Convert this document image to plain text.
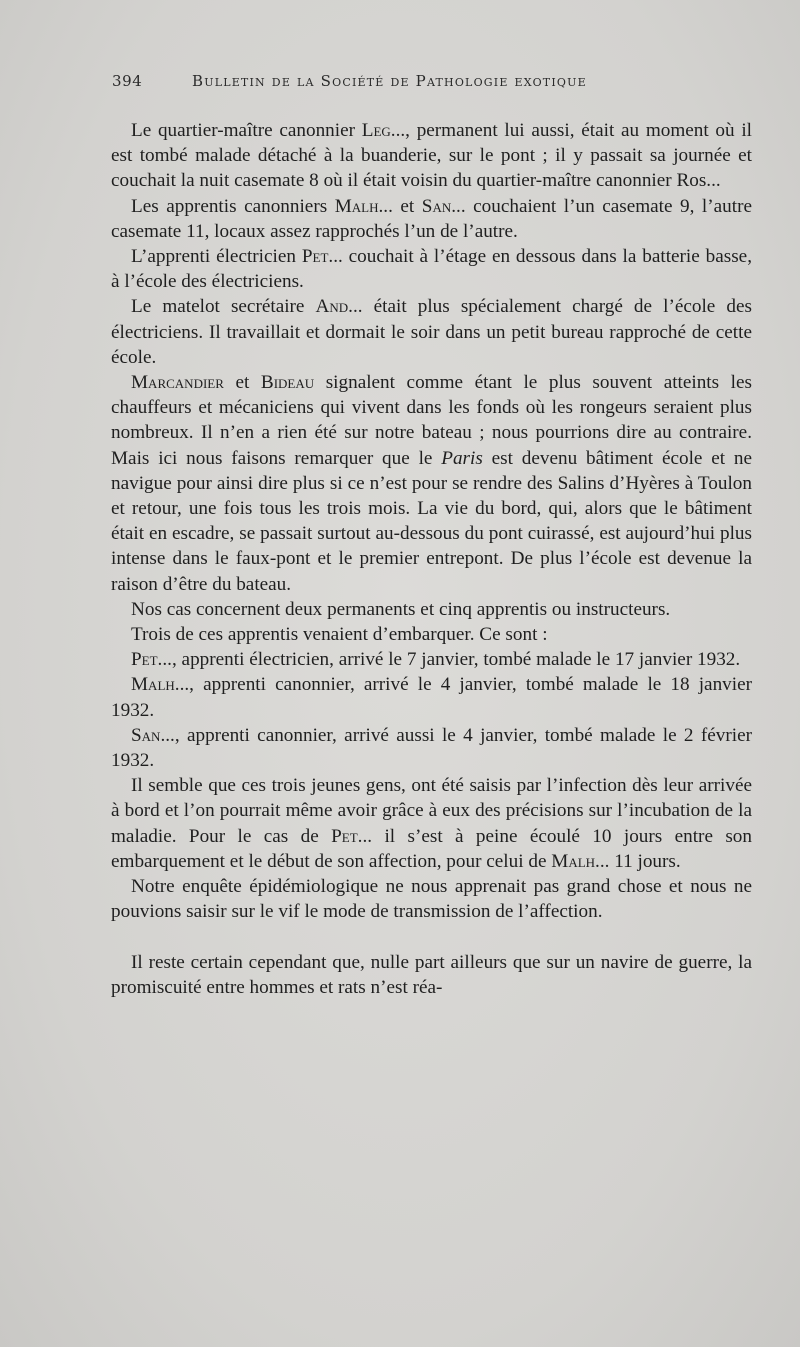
394	Bulletin de la Société de Pathologie exotique

Le quartier-maître canonnier Leg..., permanent lui aussi, était au moment où il est tombé malade détaché à la buanderie, sur le pont ; il y passait sa journée et couchait la nuit casemate 8 où il était voisin du quartier-maître canonnier Ros...

Les apprentis canonniers Malh... et San... couchaient l’un casemate 9, l’autre casemate 11, locaux assez rapprochés l’un de l’autre.

L’apprenti électricien Pet... couchait à l’étage en dessous dans la batterie basse, à l’école des électriciens.

Le matelot secrétaire And... était plus spécialement chargé de l’école des électriciens. Il travaillait et dormait le soir dans un petit bureau rapproché de cette école.

Marcandier et Bideau signalent comme étant le plus souvent atteints les chauffeurs et mécaniciens qui vivent dans les fonds où les rongeurs seraient plus nombreux. Il n’en a rien été sur notre bateau ; nous pourrions dire au contraire. Mais ici nous faisons remarquer que le Paris est devenu bâtiment école et ne navigue pour ainsi dire plus si ce n’est pour se rendre des Salins d’Hyères à Toulon et retour, une fois tous les trois mois. La vie du bord, qui, alors que le bâtiment était en escadre, se passait surtout au-dessous du pont cuirassé, est aujourd’hui plus intense dans le faux-pont et le premier entrepont. De plus l’école est devenue la raison d’être du bateau.

Nos cas concernent deux permanents et cinq apprentis ou instructeurs.

Trois de ces apprentis venaient d’embarquer. Ce sont :

Pet..., apprenti électricien, arrivé le 7 janvier, tombé malade le 17 janvier 1932.

Malh..., apprenti canonnier, arrivé le 4 janvier, tombé malade le 18 janvier 1932.

San..., apprenti canonnier, arrivé aussi le 4 janvier, tombé malade le 2 février 1932.

Il semble que ces trois jeunes gens, ont été saisis par l’infection dès leur arrivée à bord et l’on pourrait même avoir grâce à eux des précisions sur l’incubation de la maladie. Pour le cas de Pet... il s’est à peine écoulé 10 jours entre son embarquement et le début de son affection, pour celui de Malh... 11 jours.

Notre enquête épidémiologique ne nous apprenait pas grand chose et nous ne pouvions saisir sur le vif le mode de transmission de l’affection.

Il reste certain cependant que, nulle part ailleurs que sur un navire de guerre, la promiscuité entre hommes et rats n’est réa-
